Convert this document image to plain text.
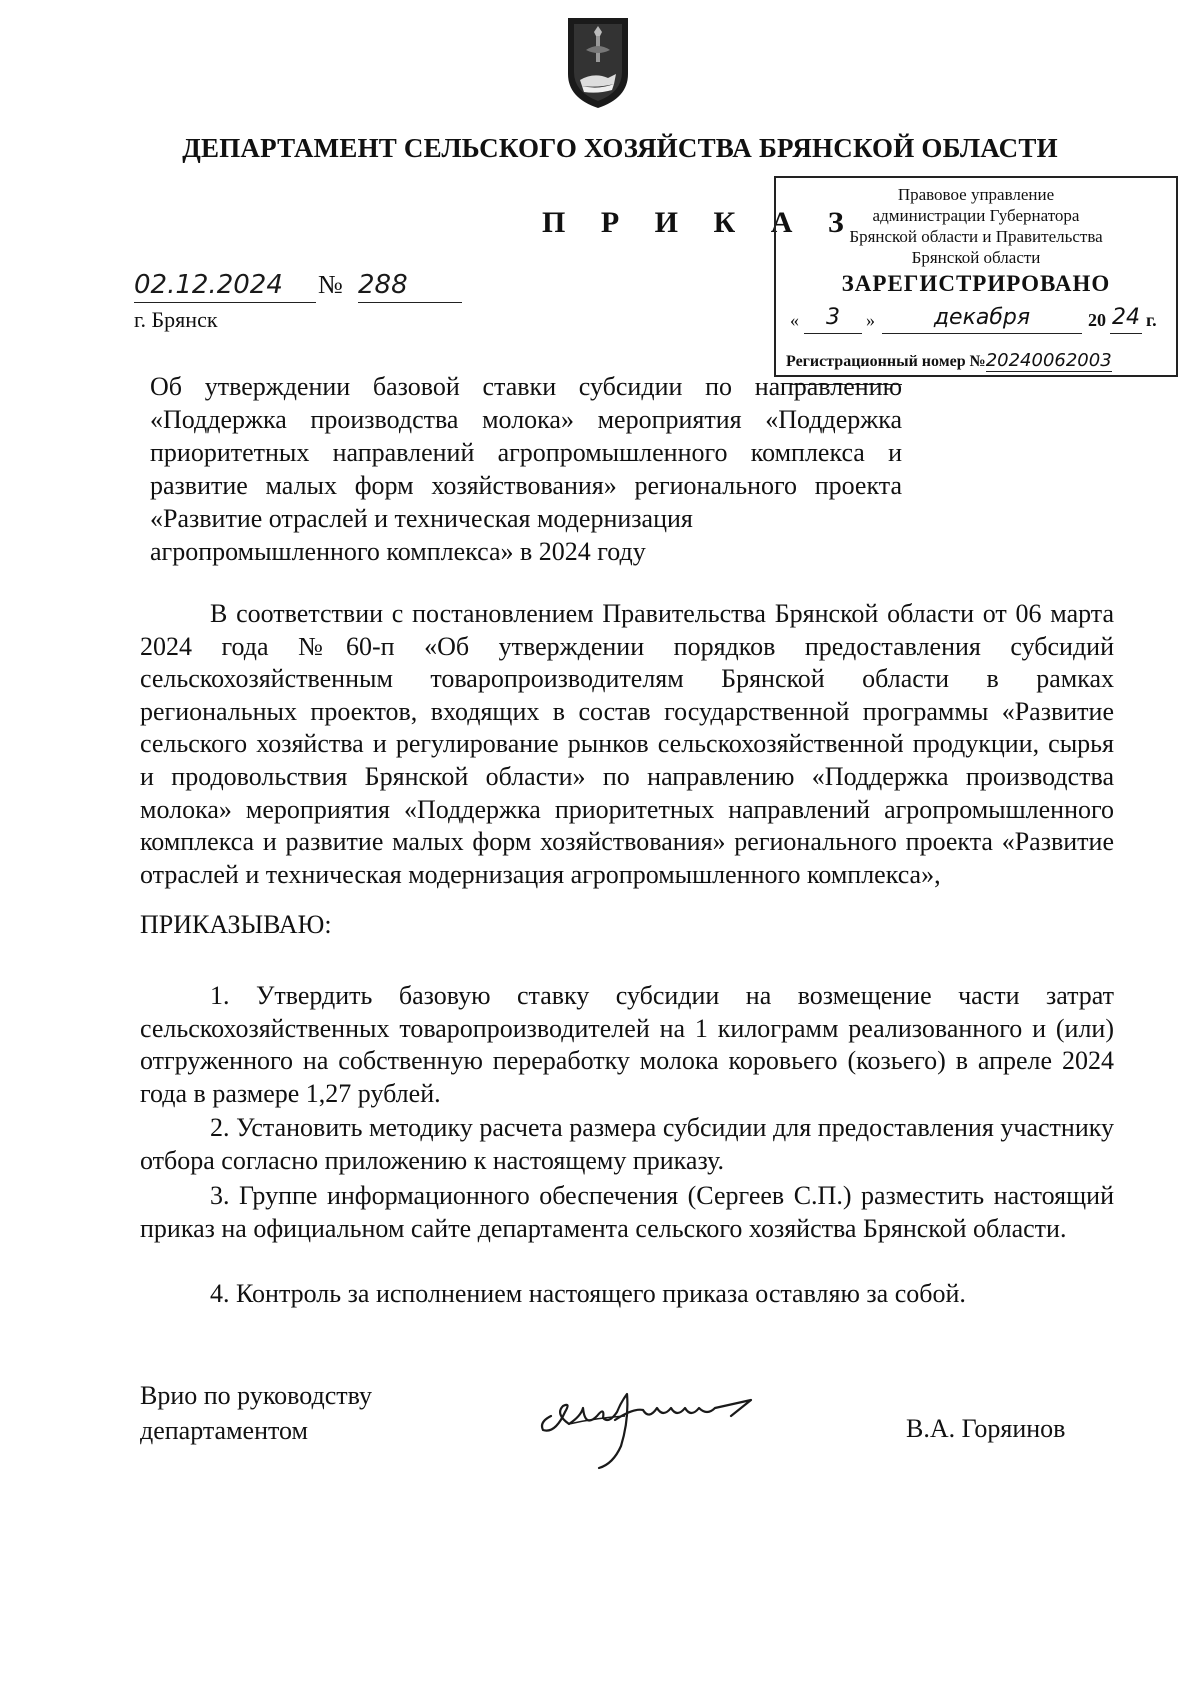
ДЕПАРТАМЕНТ СЕЛЬСКОГО ХОЗЯЙСТВА БРЯНСКОЙ ОБЛАСТИ
П Р И К А З
02.12.2024	№ 288
г. Брянск
Правовое управление
администрации Губернатора
Брянской области и Правительства
Брянской области
ЗАРЕГИСТРИРОВАНО
«	3	»	декабря	20 24 г.
Регистрационный номер №20240062003
Об утверждении базовой ставки субсидии по направлению «Поддержка производства молока» мероприятия «Поддержка приоритетных направлений агропромышленного комплекса и развитие малых форм хозяйствования» регионального проекта «Развитие отраслей и техническая модернизация
агропромышленного комплекса» в 2024 году
В соответствии с постановлением Правительства Брянской области от 06 марта 2024 года №60-п «Об утверждении порядков предоставления субсидий сельскохозяйственным товаропроизводителям Брянской области в рамках региональных проектов, входящих в состав государственной программы «Развитие сельского хозяйства и регулирование рынков сельскохозяйственной продукции, сырья и продовольствия Брянской области» по направлению «Поддержка производства молока» мероприятия «Поддержка приоритетных направлений агропромышленного комплекса и развитие малых форм хозяйствования» регионального проекта «Развитие отраслей и техническая модернизация агропромышленного комплекса»,
ПРИКАЗЫВАЮ:
1. Утвердить базовую ставку субсидии на возмещение части затрат сельскохозяйственных товаропроизводителей на 1 килограмм реализованного и (или) отгруженного на собственную переработку молока коровьего (козьего) в апреле 2024 года в размере 1,27 рублей.
2. Установить методику расчета размера субсидии для предоставления участнику отбора согласно приложению к настоящему приказу.
3. Группе информационного обеспечения (Сергеев С.П.) разместить настоящий приказ на официальном сайте департамента сельского хозяйства Брянской области.
4. Контроль за исполнением настоящего приказа оставляю за собой.
Врио по руководству
департаментом	В.А. Горяинов
